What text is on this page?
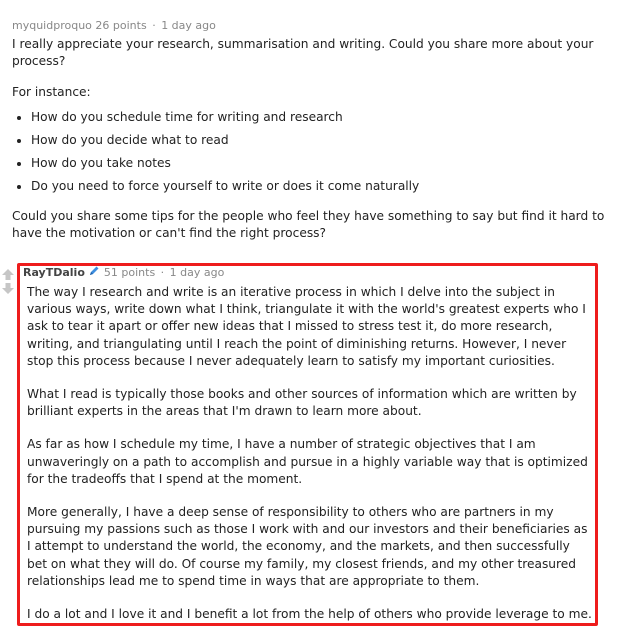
myquidproquo 26 points · 1 day ago

I really appreciate your research, summarisation and writing. Could you share more about your process?

For instance:

• How do you schedule time for writing and research
• How do you decide what to read
• How do you take notes
• Do you need to force yourself to write or does it come naturally

Could you share some tips for the people who feel they have something to say but find it hard to have the motivation or can't find the right process?

RayTDalio 51 points · 1 day ago

The way I research and write is an iterative process in which I delve into the subject in various ways, write down what I think, triangulate it with the world's greatest experts who I ask to tear it apart or offer new ideas that I missed to stress test it, do more research, writing, and triangulating until I reach the point of diminishing returns. However, I never stop this process because I never adequately learn to satisfy my important curiosities.

What I read is typically those books and other sources of information which are written by brilliant experts in the areas that I'm drawn to learn more about.

As far as how I schedule my time, I have a number of strategic objectives that I am unwaveringly on a path to accomplish and pursue in a highly variable way that is optimized for the tradeoffs that I spend at the moment.

More generally, I have a deep sense of responsibility to others who are partners in my pursuing my passions such as those I work with and our investors and their beneficiaries as I attempt to understand the world, the economy, and the markets, and then successfully bet on what they will do. Of course my family, my closest friends, and my other treasured relationships lead me to spend time in ways that are appropriate to them.

I do a lot and I love it and I benefit a lot from the help of others who provide leverage to me.
